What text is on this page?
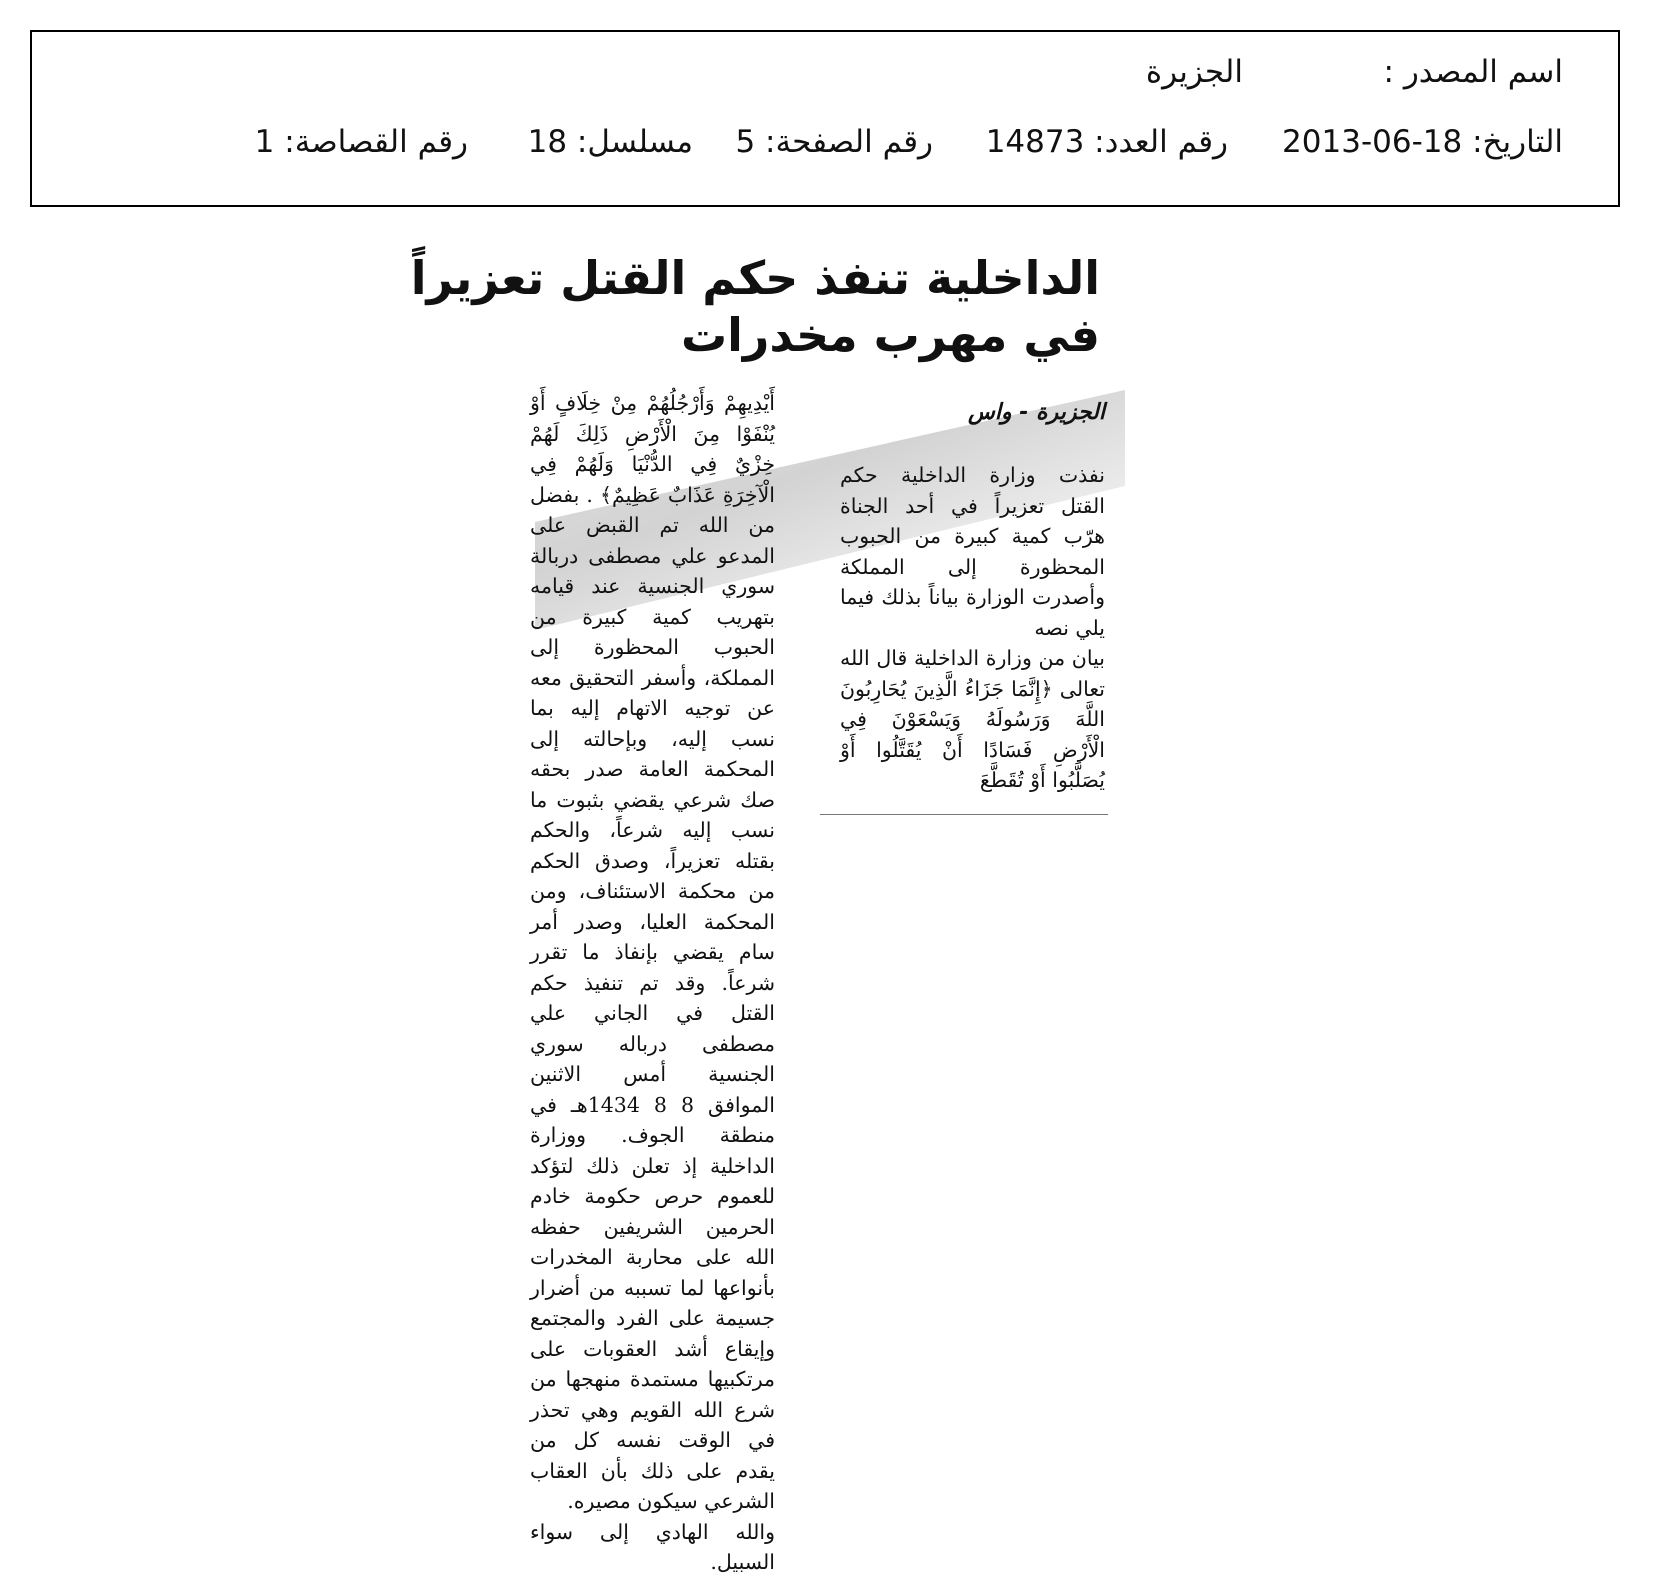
اسم المصدر :
الجزيرة
التاريخ: 18-06-2013
رقم العدد: 14873
رقم الصفحة: 5
مسلسل: 18
رقم القصاصة: 1
الداخلية تنفذ حكم القتل تعزيراً
في مهرب مخدرات
الجزيرة - واس

نفذت وزارة الداخلية حكم القتل تعزيراً في أحد الجناة هرّب كمية كبيرة من الحبوب المحظورة إلى المملكة وأصدرت الوزارة بياناً بذلك فيما يلي نصه

بيان من وزارة الداخلية قال الله تعالى ﴿إِنَّمَا جَزَاءُ الَّذِينَ يُحَارِبُونَ اللَّهَ وَرَسُولَهُ وَيَسْعَوْنَ فِي الْأَرْضِ فَسَادًا أَنْ يُقَتَّلُوا أَوْ يُصَلَّبُوا أَوْ تُقَطَّعَ

أَيْدِيهِمْ وَأَرْجُلُهُمْ مِنْ خِلَافٍ أَوْ يُنْفَوْا مِنَ الْأَرْضِ ذَلِكَ لَهُمْ خِزْيٌ فِي الدُّنْيَا وَلَهُمْ فِي الْآخِرَةِ عَذَابٌ عَظِيمٌ﴾ . بفضل من الله تم القبض على المدعو علي مصطفى دربالة سوري الجنسية عند قيامه بتهريب كمية كبيرة من الحبوب المحظورة إلى المملكة، وأسفر التحقيق معه عن توجيه الاتهام إليه بما نسب إليه، وبإحالته إلى المحكمة العامة صدر بحقه صك شرعي يقضي بثبوت ما نسب إليه شرعاً، والحكم بقتله تعزيراً، وصدق الحكم من محكمة الاستئناف، ومن المحكمة العليا، وصدر أمر سام يقضي بإنفاذ ما تقرر شرعاً. وقد تم تنفيذ حكم القتل في الجاني علي مصطفى درباله سوري الجنسية أمس الاثنين الموافق 8 8 1434هـ في منطقة الجوف. ووزارة الداخلية إذ تعلن ذلك لتؤكد للعموم حرص حكومة خادم الحرمين الشريفين حفظه الله على محاربة المخدرات بأنواعها لما تسببه من أضرار جسيمة على الفرد والمجتمع وإيقاع أشد العقوبات على مرتكبيها مستمدة منهجها من شرع الله القويم وهي تحذر في الوقت نفسه كل من يقدم على ذلك بأن العقاب الشرعي سيكون مصيره.

والله الهادي إلى سواء السبيل.
